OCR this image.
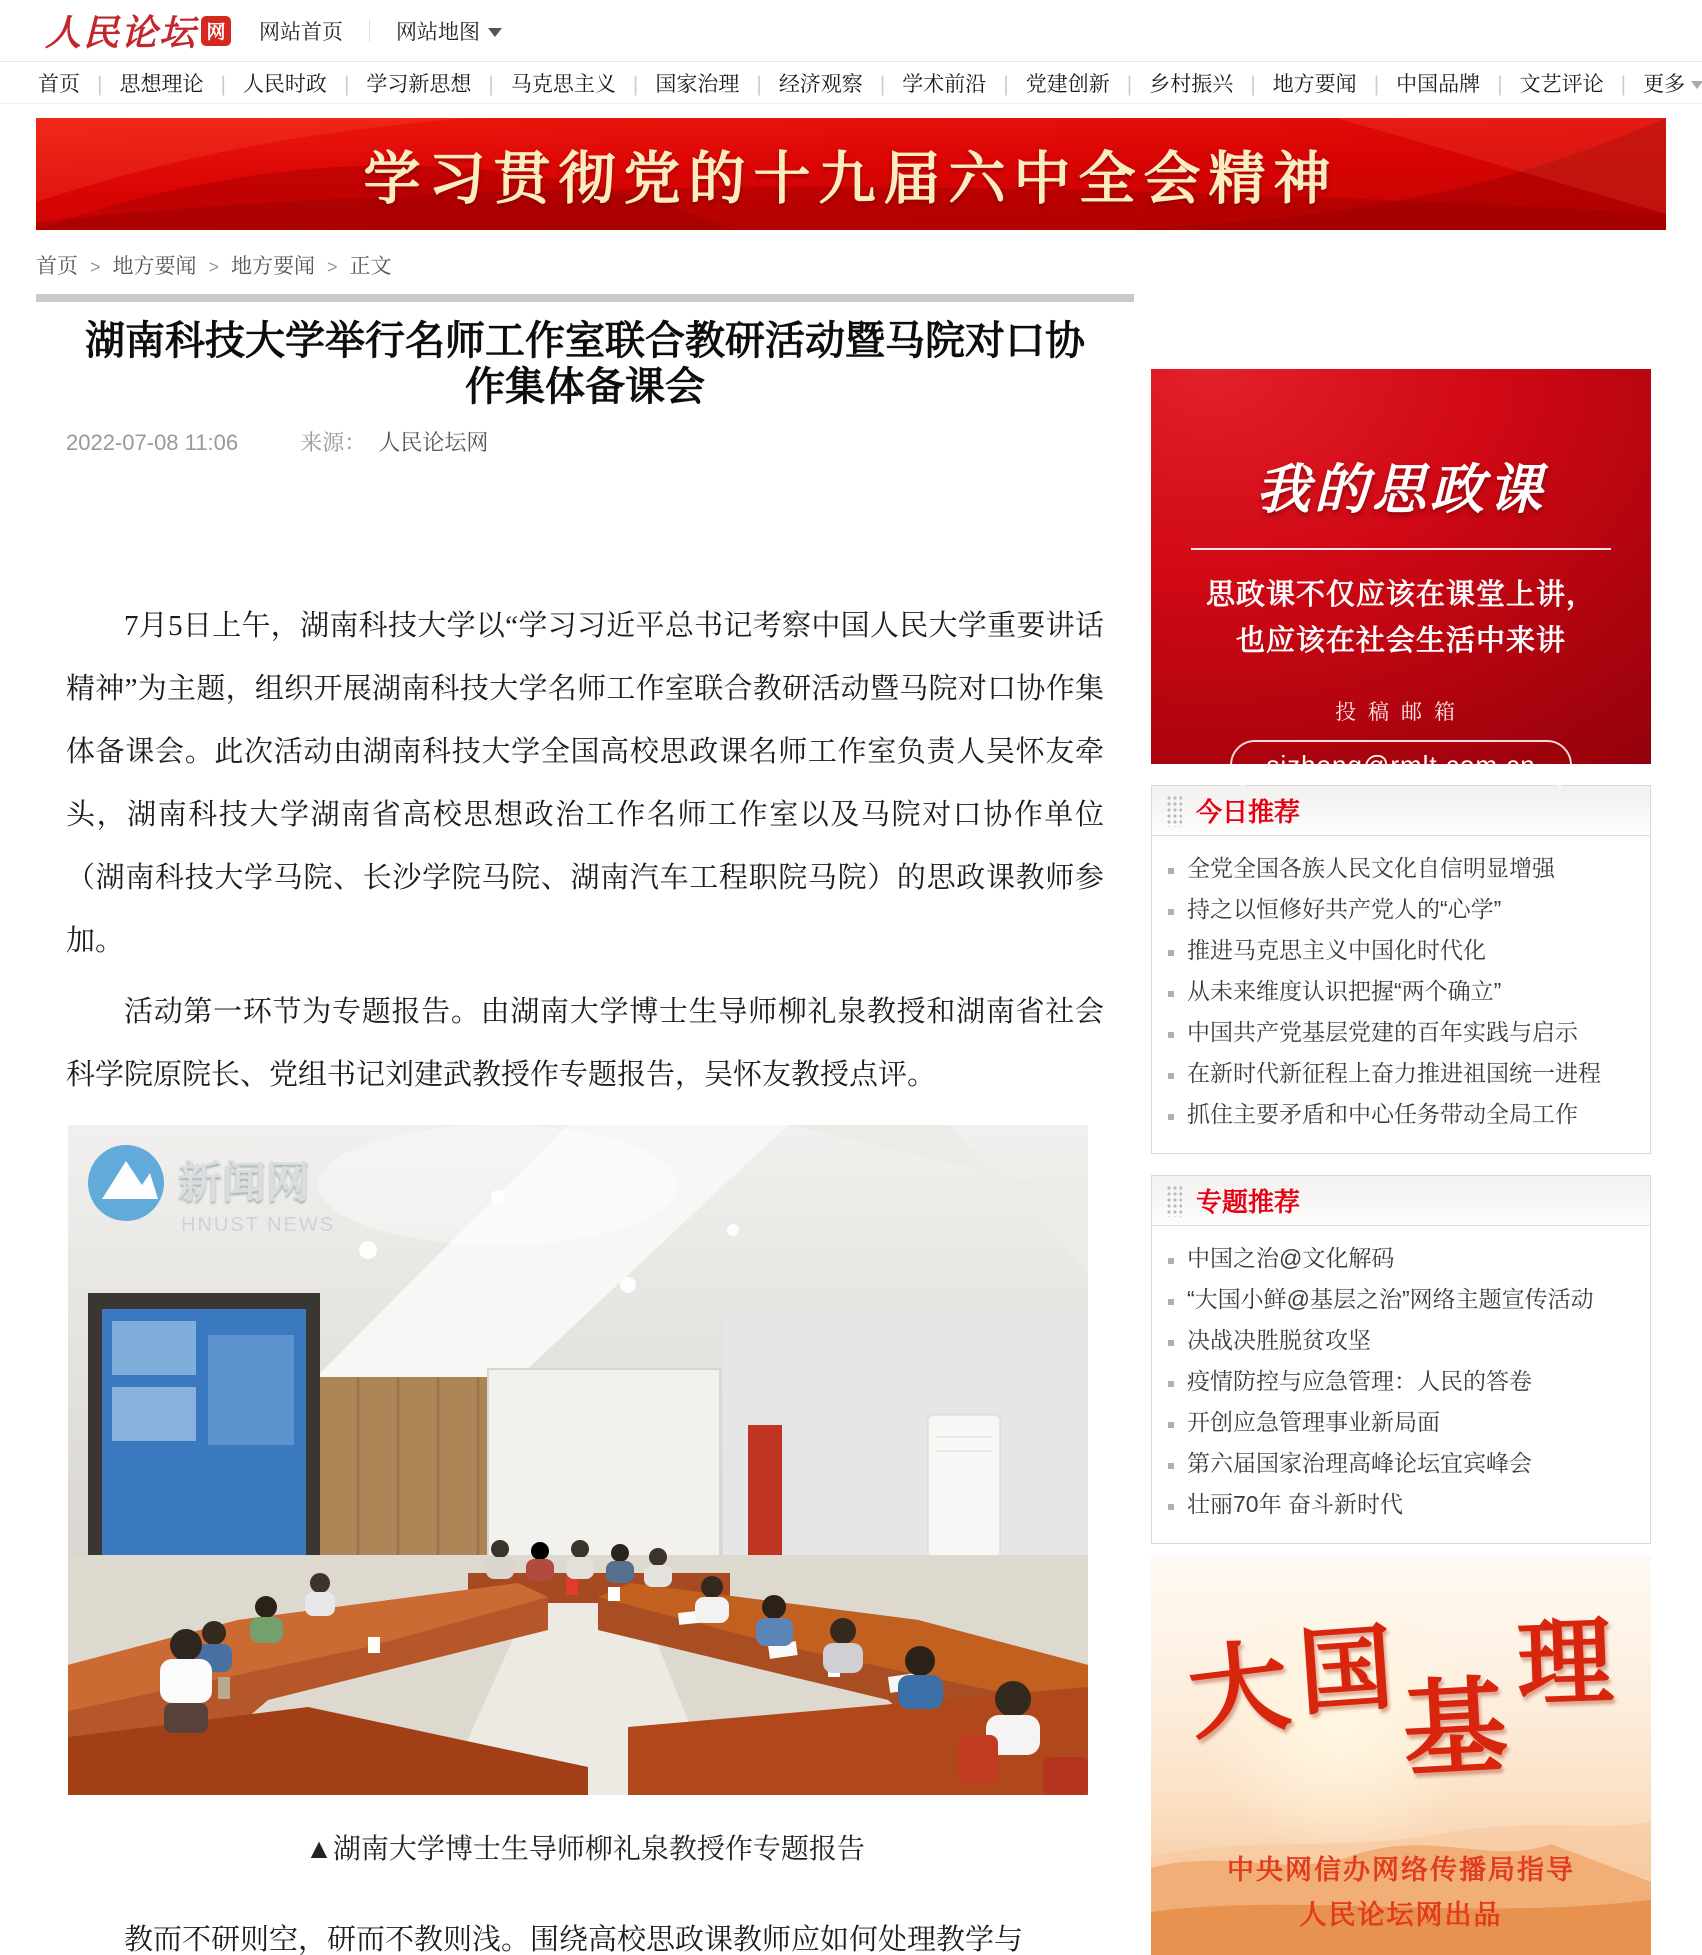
人民论坛 网 网站首页	网站地图
首页 |	思想理论 |	人民时政 |	学习新思想 |	马克思主义 |	国家治理 |	经济观察 |	学术前沿 |	党建创新 |	乡村振兴 |	地方要闻 |	中国品牌 |	文艺评论 |	更多
学习贯彻党的十九届六中全会精神
首页 >	地方要闻 >	地方要闻 >	正文
湖南科技大学举行名师工作室联合教研活动暨马院对口协作集体备课会
2022-07-08 11:06	来源： 人民论坛网

7月5日上午，湖南科技大学以“学习习近平总书记考察中国人民大学重要讲话精神”为主题，组织开展湖南科技大学名师工作室联合教研活动暨马院对口协作集体备课会。此次活动由湖南科技大学全国高校思政课名师工作室负责人吴怀友牵头，湖南科技大学湖南省高校思想政治工作名师工作室以及马院对口协作单位（湖南科技大学马院、长沙学院马院、湖南汽车工程职院马院）的思政课教师参加。

活动第一环节为专题报告。由湖南大学博士生导师柳礼泉教授和湖南省社会科学院原院长、党组书记刘建武教授作专题报告，吴怀友教授点评。

新闻网
HNUST NEWS
▲湖南大学博士生导师柳礼泉教授作专题报告

教而不研则空，研而不教则浅。围绕高校思政课教师应如何处理教学与

我的思政课
思政课不仅应该在课堂上讲，
也应该在社会生活中来讲
投稿邮箱
sizheng@rmlt.com.cn
今日推荐
全党全国各族人民文化自信明显增强
持之以恒修好共产党人的“心学”
推进马克思主义中国化时代化
从未来维度认识把握“两个确立”
中国共产党基层党建的百年实践与启示
在新时代新征程上奋力推进祖国统一进程
抓住主要矛盾和中心任务带动全局工作
专题推荐
中国之治@文化解码
“大国小鲜@基层之治”网络主题宣传活动
决战决胜脱贫攻坚
疫情防控与应急管理：人民的答卷
开创应急管理事业新局面
第六届国家治理高峰论坛宜宾峰会
壮丽70年 奋斗新时代
大 国 基
理
中央网信办网络传播局指导
人民论坛网出品
